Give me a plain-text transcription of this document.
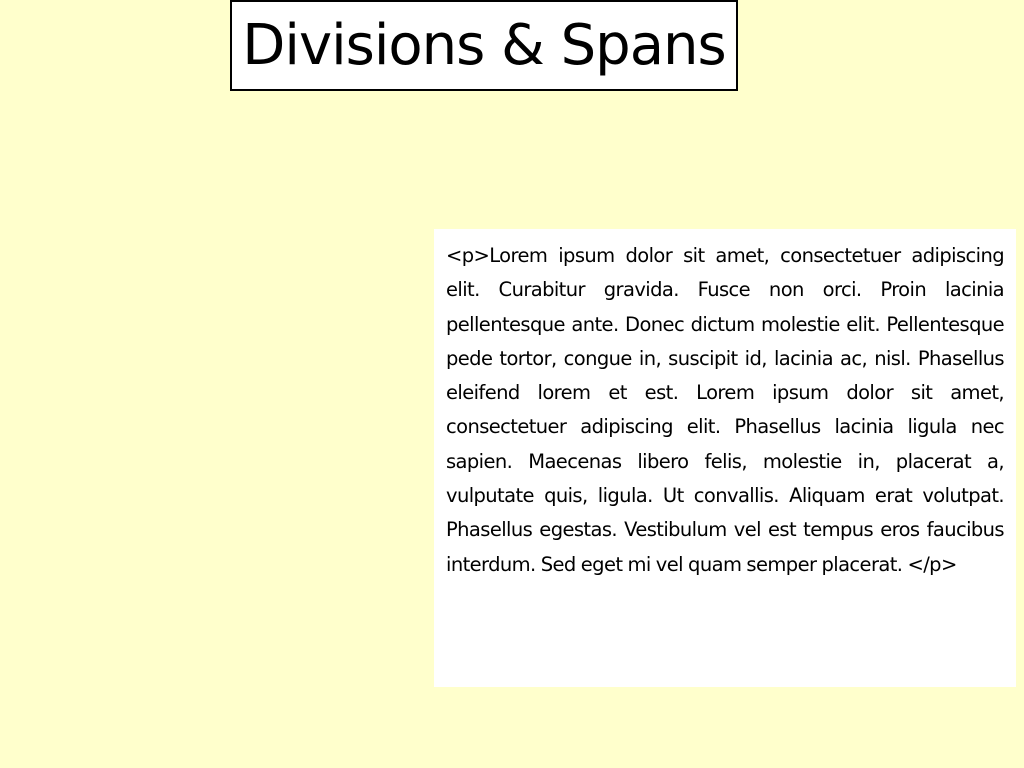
Divisions & Spans

<p>Lorem ipsum dolor sit amet, consectetuer adipiscing elit. Curabitur gravida. Fusce non orci. Proin lacinia pellentesque ante. Donec dictum molestie elit. Pellentesque pede tortor, congue in, suscipit id, lacinia ac, nisl. Phasellus eleifend lorem et est. Lorem ipsum dolor sit amet, consectetuer adipiscing elit. Phasellus lacinia ligula nec sapien. Maecenas libero felis, molestie in, placerat a, vulputate quis, ligula. Ut convallis. Aliquam erat volutpat. Phasellus egestas. Vestibulum vel est tempus eros faucibus interdum. Sed eget mi vel quam semper placerat. </p>
